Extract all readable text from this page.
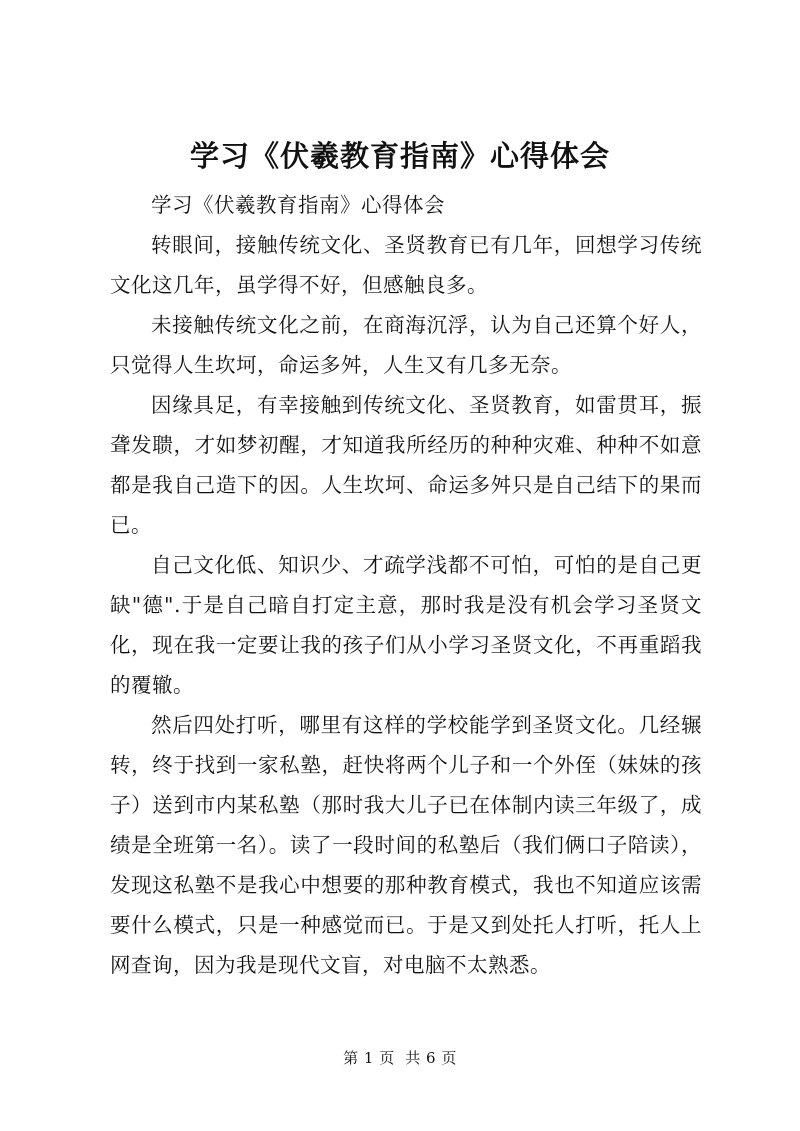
学习《伏羲教育指南》心得体会

学习《伏羲教育指南》心得体会

转眼间，接触传统文化、圣贤教育已有几年，回想学习传统文化这几年，虽学得不好，但感触良多。

未接触传统文化之前，在商海沉浮，认为自己还算个好人，只觉得人生坎坷，命运多舛，人生又有几多无奈。

因缘具足，有幸接触到传统文化、圣贤教育，如雷贯耳，振聋发聩，才如梦初醒，才知道我所经历的种种灾难、种种不如意都是我自己造下的因。人生坎坷、命运多舛只是自己结下的果而已。

自己文化低、知识少、才疏学浅都不可怕，可怕的是自己更缺"德".于是自己暗自打定主意，那时我是没有机会学习圣贤文化，现在我一定要让我的孩子们从小学习圣贤文化，不再重蹈我的覆辙。

然后四处打听，哪里有这样的学校能学到圣贤文化。几经辗转，终于找到一家私塾，赶快将两个儿子和一个外侄（妹妹的孩子）送到市内某私塾（那时我大儿子已在体制内读三年级了，成绩是全班第一名）。读了一段时间的私塾后（我们俩口子陪读），发现这私塾不是我心中想要的那种教育模式，我也不知道应该需要什么模式，只是一种感觉而已。于是又到处托人打听，托人上网查询，因为我是现代文盲，对电脑不太熟悉。

第 1 页  共 6 页
